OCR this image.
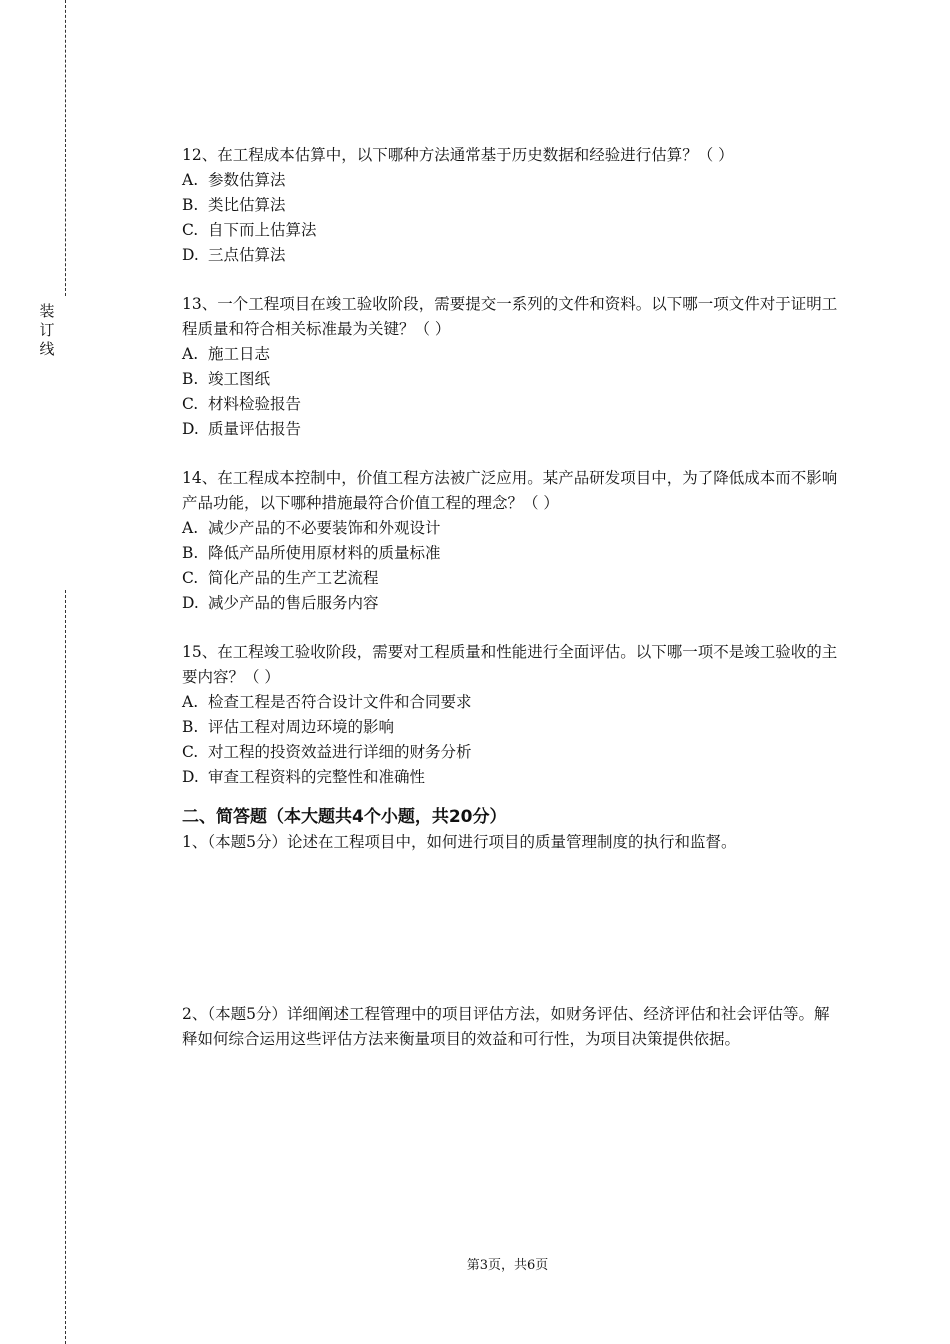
装
订
线

12、在工程成本估算中，以下哪种方法通常基于历史数据和经验进行估算？（ ）

A. 参数估算法

B. 类比估算法

C. 自下而上估算法

D. 三点估算法

13、一个工程项目在竣工验收阶段，需要提交一系列的文件和资料。以下哪一项文件对于证明工程质量和符合相关标准最为关键？（ ）

A. 施工日志

B. 竣工图纸

C. 材料检验报告

D. 质量评估报告

14、在工程成本控制中，价值工程方法被广泛应用。某产品研发项目中，为了降低成本而不影响产品功能，以下哪种措施最符合价值工程的理念？（ ）

A. 减少产品的不必要装饰和外观设计

B. 降低产品所使用原材料的质量标准

C. 简化产品的生产工艺流程

D. 减少产品的售后服务内容

15、在工程竣工验收阶段，需要对工程质量和性能进行全面评估。以下哪一项不是竣工验收的主要内容？（ ）

A. 检查工程是否符合设计文件和合同要求

B. 评估工程对周边环境的影响

C. 对工程的投资效益进行详细的财务分析

D. 审查工程资料的完整性和准确性

二、简答题（本大题共4个小题，共20分）

1、（本题5分）论述在工程项目中，如何进行项目的质量管理制度的执行和监督。

2、（本题5分）详细阐述工程管理中的项目评估方法，如财务评估、经济评估和社会评估等。解释如何综合运用这些评估方法来衡量项目的效益和可行性，为项目决策提供依据。

第3页，共6页
